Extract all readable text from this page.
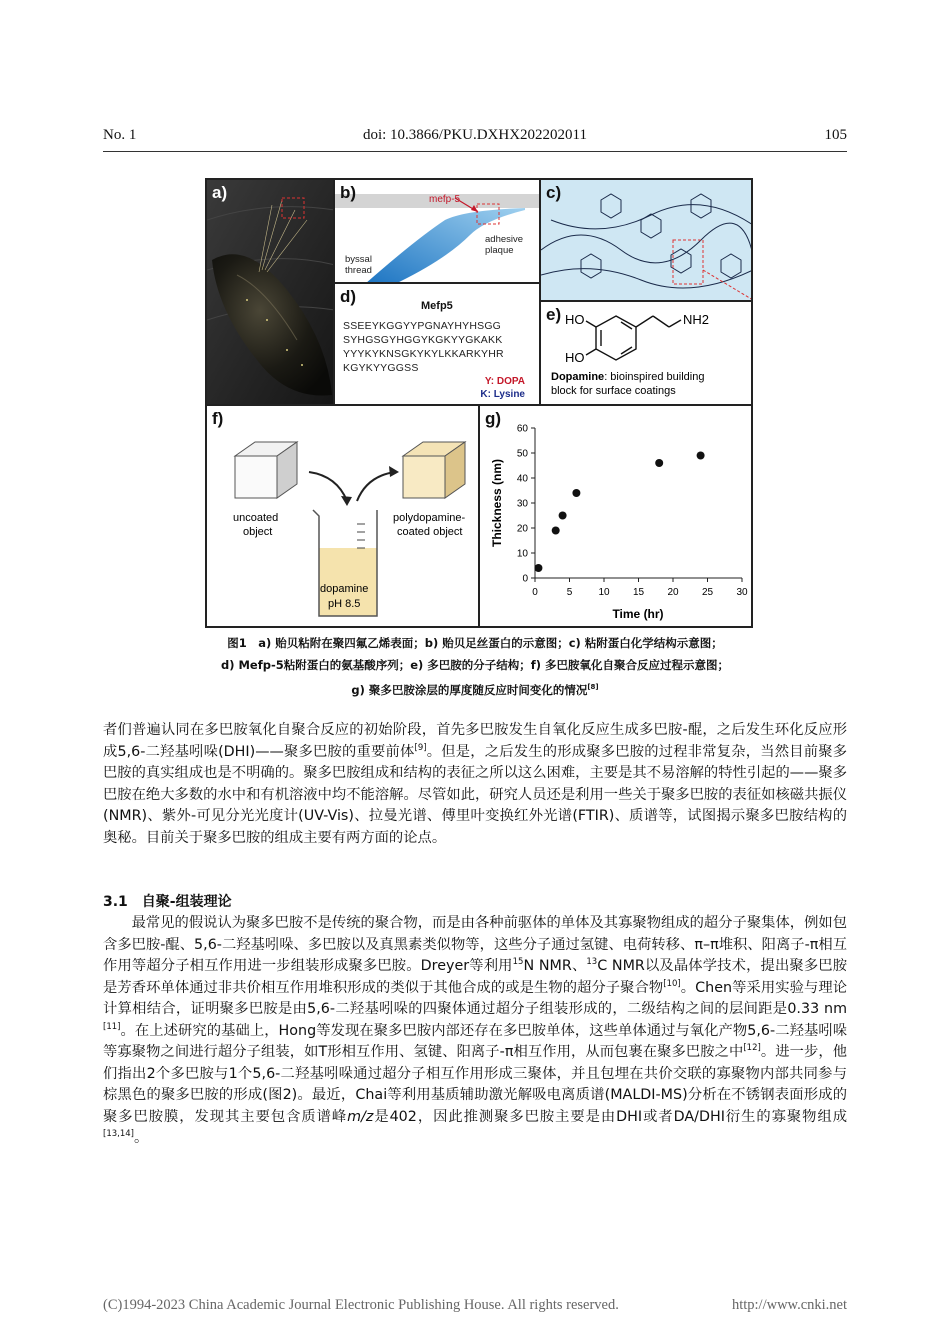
No. 1	doi: 10.3866/PKU.DXHX202202011	105
a)	mefp-5
byssal
thread
adhesive
plaque
b)	c)
d)	Mefp5
SSEEYKGGYYPGNAYHYHSGG
SYHGSGYHGGYKGKYYGKAKK
YYYKYKNSGKYKYLKKARKYHR
KGYKYYGGSS
Y: DOPA
K: Lysine
e) HO
HO
NH2
Dopamine: bioinspired building
block for surface coatings
f)
uncoated
object
polydopamine-
coated object
dopamine
pH 8.5
g)
Time (hr)
Thickness (nm)
0	5	10 15 20 25 30
0
10
20
30
40
50
60
图1　a) 贻贝粘附在聚四氟乙烯表面；b) 贻贝足丝蛋白的示意图；c) 粘附蛋白化学结构示意图；
d) Mefp-5粘附蛋白的氨基酸序列；e) 多巴胺的分子结构；f) 多巴胺氧化自聚合反应过程示意图；
g) 聚多巴胺涂层的厚度随反应时间变化的情况[8]
者们普遍认同在多巴胺氧化自聚合反应的初始阶段，首先多巴胺发生自氧化反应生成多巴胺-醌，之后发生环化反应形成5,6-二羟基吲哚(DHI)——聚多巴胺的重要前体[9]。但是，之后发生的形成聚多巴胺的过程非常复杂，当然目前聚多巴胺的真实组成也是不明确的。聚多巴胺组成和结构的表征之所以这么困难，主要是其不易溶解的特性引起的——聚多巴胺在绝大多数的水中和有机溶液中均不能溶解。尽管如此，研究人员还是利用一些关于聚多巴胺的表征如核磁共振仪(NMR)、紫外-可见分光光度计(UV-Vis)、拉曼光谱、傅里叶变换红外光谱(FTIR)、质谱等，试图揭示聚多巴胺结构的奥秘。目前关于聚多巴胺的组成主要有两方面的论点。
3.1　自聚-组装理论
最常见的假说认为聚多巴胺不是传统的聚合物，而是由各种前驱体的单体及其寡聚物组成的超分子聚集体，例如包含多巴胺-醌、5,6-二羟基吲哚、多巴胺以及真黑素类似物等，这些分子通过氢键、电荷转移、π–π堆积、阳离子-π相互作用等超分子相互作用进一步组装形成聚多巴胺。Dreyer等利用$^{15}$N NMR、$^{13}$C NMR以及晶体学技术，提出聚多巴胺是芳香环单体通过非共价相互作用堆积形成的类似于其他合成的或是生物的超分子聚合物[10]。Chen等采用实验与理论计算相结合，证明聚多巴胺是由5,6-二羟基吲哚的四聚体通过超分子组装形成的，二级结构之间的层间距是0.33 nm [11]。在上述研究的基础上，Hong等发现在聚多巴胺内部还存在多巴胺单体，这些单体通过与氧化产物5,6-二羟基吲哚等寡聚物之间进行超分子组装，如T形相互作用、氢键、阳离子-π相互作用，从而包裹在聚多巴胺之中[12]。进一步，他们指出2个多巴胺与1个5,6-二羟基吲哚通过超分子相互作用形成三聚体，并且包埋在共价交联的寡聚物内部共同参与棕黑色的聚多巴胺的形成(图2)。最近，Chai等利用基质辅助激光解吸电离质谱(MALDI-MS)分析在不锈钢表面形成的聚多巴胺膜，发现其主要包含质谱峰m/z是402，因此推测聚多巴胺主要是由DHI或者DA/DHI衍生的寡聚物组成[13,14]。
(C)1994-2023 China Academic Journal Electronic Publishing House. All rights reserved.	http://www.cnki.net
